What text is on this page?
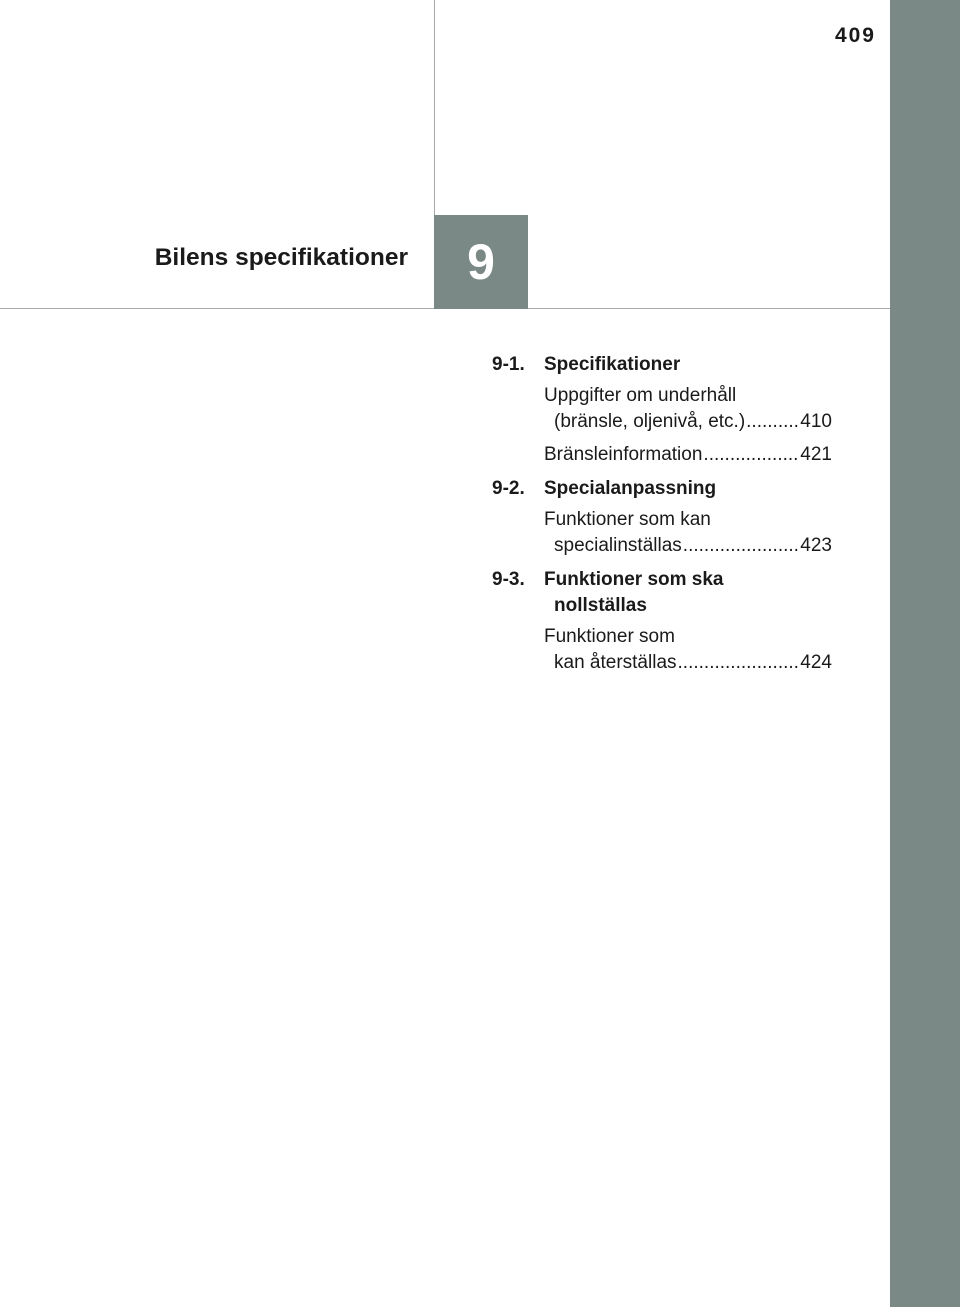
409
Bilens specifikationer 9
9-1.	Specifikationer
Uppgifter om underhåll
(bränsle, oljenivå, etc.) .....	410
Bränsleinformation .....	421
9-2.	Specialanpassning
Funktioner som kan
specialinställas .....	423
9-3.	Funktioner som ska
nollställas
Funktioner som
kan återställas .....	424
